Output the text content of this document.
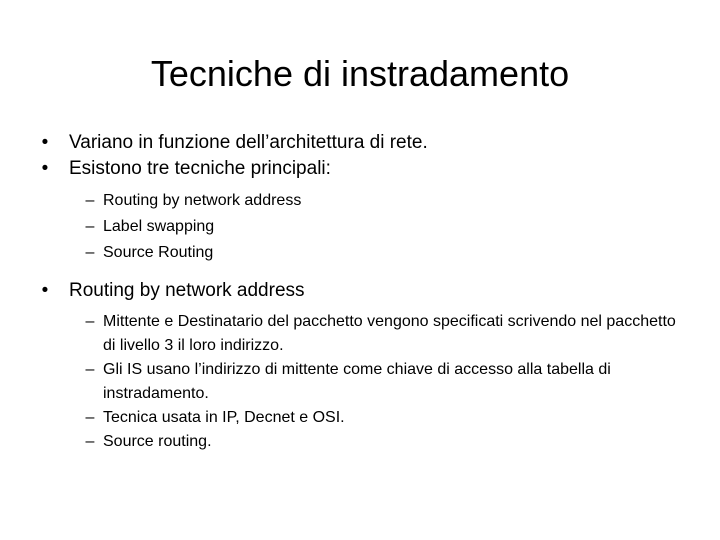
Tecniche di instradamento
•	Variano in funzione dell’architettura di rete.
•	Esistono tre tecniche principali:
– Routing by network address
– Label swapping
– Source Routing
•	Routing by network address
– Mittente e Destinatario del pacchetto vengono specificati scrivendo nel pacchetto di livello 3 il loro indirizzo.
– Gli IS usano l’indirizzo di mittente come chiave di accesso alla tabella di instradamento.
– Tecnica usata in IP, Decnet e OSI.
– Source routing.
